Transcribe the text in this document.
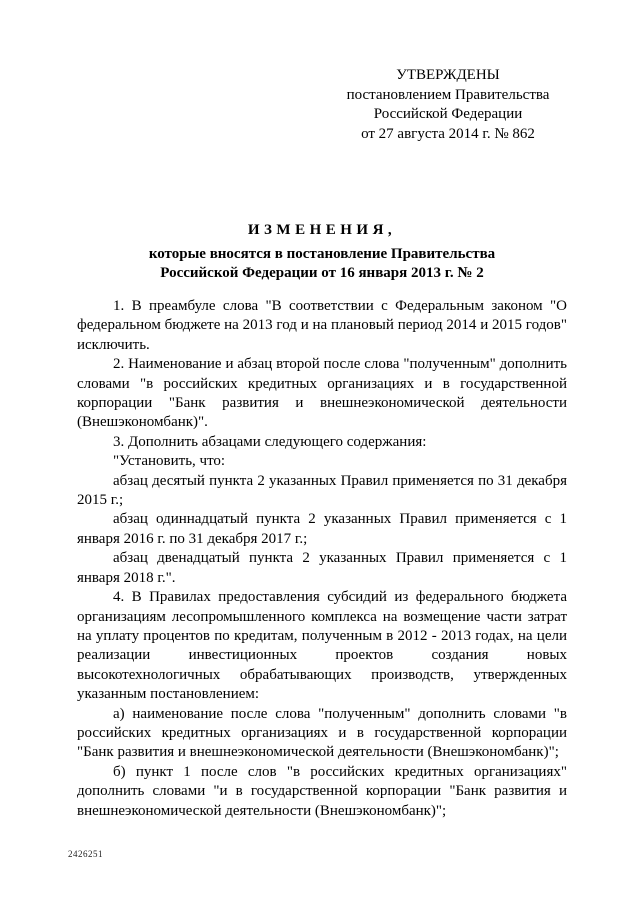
УТВЕРЖДЕНЫ
постановлением Правительства
Российской Федерации
от 27 августа 2014 г. № 862
ИЗМЕНЕНИЯ,
которые вносятся в постановление Правительства
Российской Федерации от 16 января 2013 г. № 2

1. В преамбуле слова "В соответствии с Федеральным законом "О федеральном бюджете на 2013 год и на плановый период 2014 и 2015 годов" исключить.

2. Наименование и абзац второй после слова "полученным" дополнить словами "в российских кредитных организациях и в государственной корпорации "Банк развития и внешнеэкономической деятельности (Внешэкономбанк)".

3. Дополнить абзацами следующего содержания:

"Установить, что:

абзац десятый пункта 2 указанных Правил применяется по 31 декабря 2015 г.;

абзац одиннадцатый пункта 2 указанных Правил применяется с 1 января 2016 г. по 31 декабря 2017 г.;

абзац двенадцатый пункта 2 указанных Правил применяется с 1 января 2018 г.".

4. В Правилах предоставления субсидий из федерального бюджета организациям лесопромышленного комплекса на возмещение части затрат на уплату процентов по кредитам, полученным в 2012 - 2013 годах, на цели реализации инвестиционных проектов создания новых высокотехнологичных обрабатывающих производств, утвержденных указанным постановлением:

а) наименование после слова "полученным" дополнить словами "в российских кредитных организациях и в государственной корпорации "Банк развития и внешнеэкономической деятельности (Внешэкономбанк)";

б) пункт 1 после слов "в российских кредитных организациях" дополнить словами "и в государственной корпорации "Банк развития и внешнеэкономической деятельности (Внешэкономбанк)";

2426251
